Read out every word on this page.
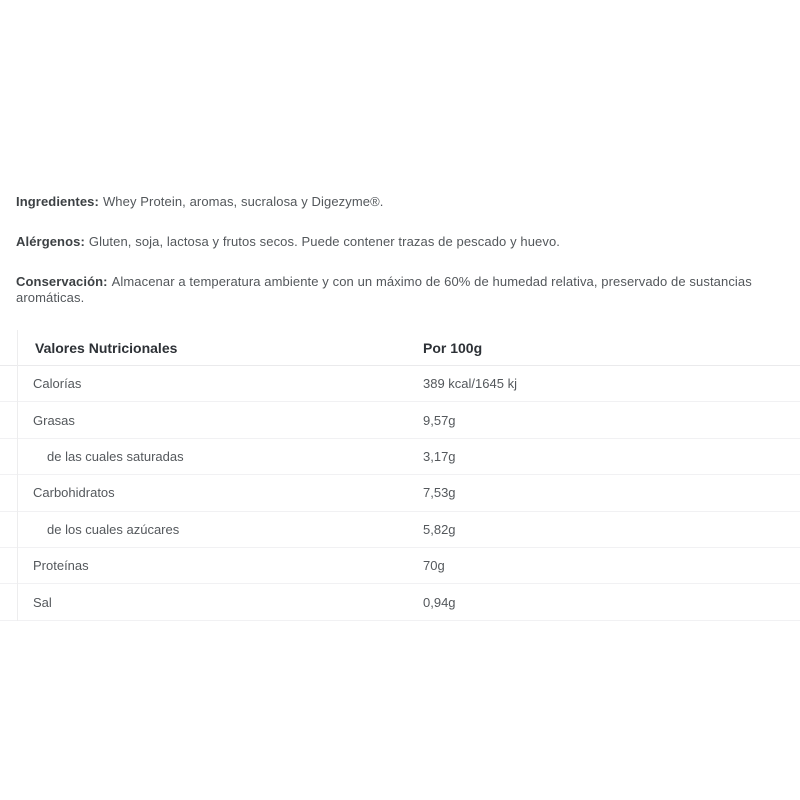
Ingredientes: Whey Protein, aromas, sucralosa y Digezyme®.

Alérgenos: Gluten, soja, lactosa y frutos secos. Puede contener trazas de pescado y huevo.

Conservación: Almacenar a temperatura ambiente y con un máximo de 60% de humedad relativa, preservado de sustancias aromáticas.

Valores Nutricionales	Por 100g
Calorías	389 kcal/1645 kj
Grasas	9,57g
de las cuales saturadas	3,17g
Carbohidratos	7,53g
de los cuales azúcares	5,82g
Proteínas	70g
Sal	0,94g
